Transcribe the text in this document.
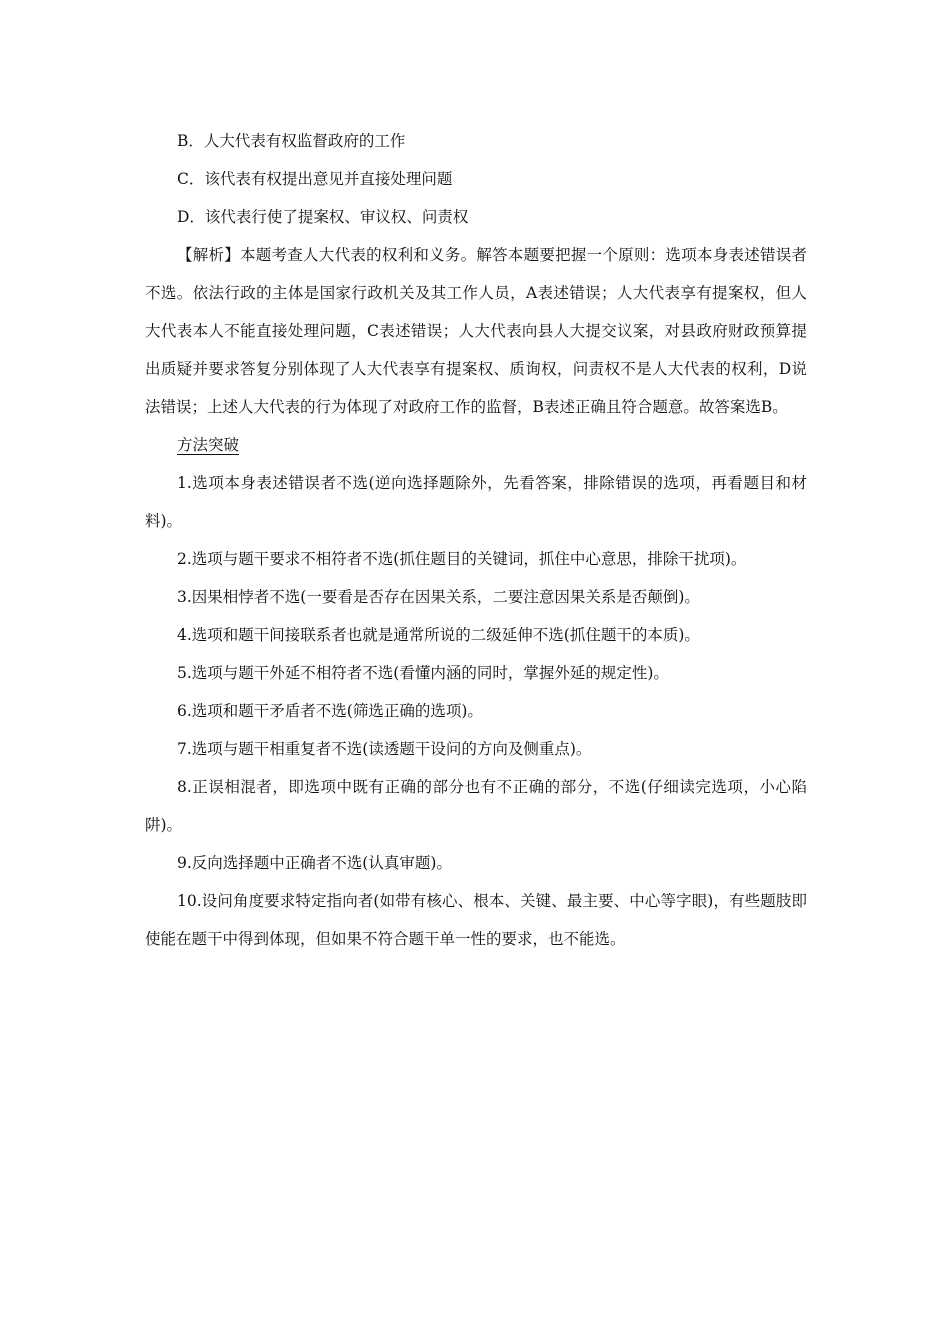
B．人大代表有权监督政府的工作

C．该代表有权提出意见并直接处理问题

D．该代表行使了提案权、审议权、问责权

【解析】本题考查人大代表的权利和义务。解答本题要把握一个原则：选项本身表述错误者不选。依法行政的主体是国家行政机关及其工作人员，A表述错误；人大代表享有提案权，但人大代表本人不能直接处理问题，C表述错误；人大代表向县人大提交议案，对县政府财政预算提出质疑并要求答复分别体现了人大代表享有提案权、质询权，问责权不是人大代表的权利，D说法错误；上述人大代表的行为体现了对政府工作的监督，B表述正确且符合题意。故答案选B。

方法突破

1.选项本身表述错误者不选(逆向选择题除外，先看答案，排除错误的选项，再看题目和材料)。

2.选项与题干要求不相符者不选(抓住题目的关键词，抓住中心意思，排除干扰项)。

3.因果相悖者不选(一要看是否存在因果关系，二要注意因果关系是否颠倒)。

4.选项和题干间接联系者也就是通常所说的二级延伸不选(抓住题干的本质)。

5.选项与题干外延不相符者不选(看懂内涵的同时，掌握外延的规定性)。

6.选项和题干矛盾者不选(筛选正确的选项)。

7.选项与题干相重复者不选(读透题干设问的方向及侧重点)。

8.正误相混者，即选项中既有正确的部分也有不正确的部分，不选(仔细读完选项，小心陷阱)。

9.反向选择题中正确者不选(认真审题)。

10.设问角度要求特定指向者(如带有核心、根本、关键、最主要、中心等字眼)，有些题肢即使能在题干中得到体现，但如果不符合题干单一性的要求，也不能选。
